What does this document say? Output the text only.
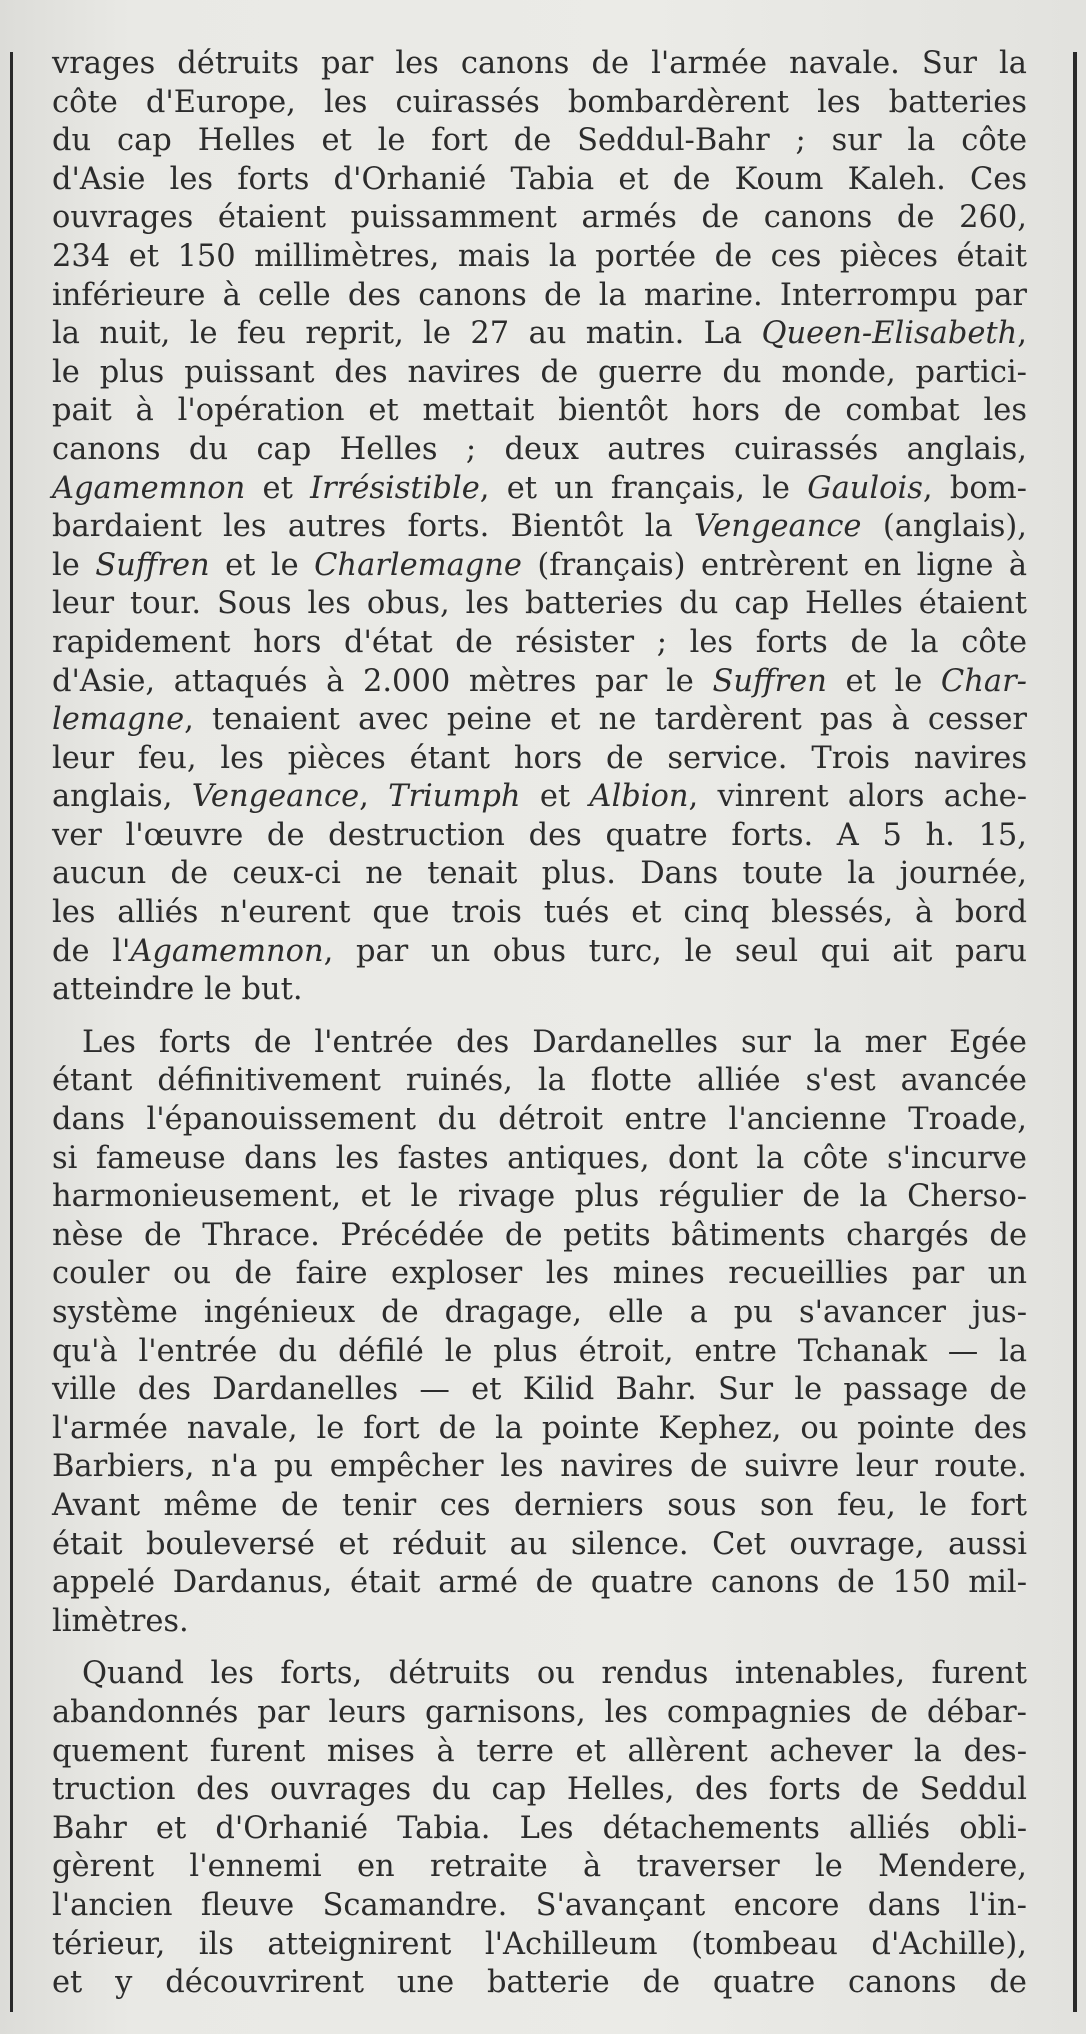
vrages détruits par les canons de l'armée navale. Sur la
côte d'Europe, les cuirassés bombardèrent les batteries
du cap Helles et le fort de Seddul-Bahr ; sur la côte
d'Asie les forts d'Orhanié Tabia et de Koum Kaleh. Ces
ouvrages étaient puissamment armés de canons de 260,
234 et 150 millimètres, mais la portée de ces pièces était
inférieure à celle des canons de la marine. Interrompu par
la nuit, le feu reprit, le 27 au matin. La Queen-Elisabeth,
le plus puissant des navires de guerre du monde, partici-
pait à l'opération et mettait bientôt hors de combat les
canons du cap Helles ; deux autres cuirassés anglais,
Agamemnon et Irrésistible, et un français, le Gaulois, bom-
bardaient les autres forts. Bientôt la Vengeance (anglais),
le Suffren et le Charlemagne (français) entrèrent en ligne à
leur tour. Sous les obus, les batteries du cap Helles étaient
rapidement hors d'état de résister ; les forts de la côte
d'Asie, attaqués à 2.000 mètres par le Suffren et le Char-
lemagne, tenaient avec peine et ne tardèrent pas à cesser
leur feu, les pièces étant hors de service. Trois navires
anglais, Vengeance, Triumph et Albion, vinrent alors ache-
ver l'œuvre de destruction des quatre forts. A 5 h. 15,
aucun de ceux-ci ne tenait plus. Dans toute la journée,
les alliés n'eurent que trois tués et cinq blessés, à bord
de l'Agamemnon, par un obus turc, le seul qui ait paru
atteindre le but.
Les forts de l'entrée des Dardanelles sur la mer Egée
étant définitivement ruinés, la flotte alliée s'est avancée
dans l'épanouissement du détroit entre l'ancienne Troade,
si fameuse dans les fastes antiques, dont la côte s'incurve
harmonieusement, et le rivage plus régulier de la Cherso-
nèse de Thrace. Précédée de petits bâtiments chargés de
couler ou de faire exploser les mines recueillies par un
système ingénieux de dragage, elle a pu s'avancer jus-
qu'à l'entrée du défilé le plus étroit, entre Tchanak — la
ville des Dardanelles — et Kilid Bahr. Sur le passage de
l'armée navale, le fort de la pointe Kephez, ou pointe des
Barbiers, n'a pu empêcher les navires de suivre leur route.
Avant même de tenir ces derniers sous son feu, le fort
était bouleversé et réduit au silence. Cet ouvrage, aussi
appelé Dardanus, était armé de quatre canons de 150 mil-
limètres.
Quand les forts, détruits ou rendus intenables, furent
abandonnés par leurs garnisons, les compagnies de débar-
quement furent mises à terre et allèrent achever la des-
truction des ouvrages du cap Helles, des forts de Seddul
Bahr et d'Orhanié Tabia. Les détachements alliés obli-
gèrent l'ennemi en retraite à traverser le Mendere,
l'ancien fleuve Scamandre. S'avançant encore dans l'in-
térieur, ils atteignirent l'Achilleum (tombeau d'Achille),
et y découvrirent une batterie de quatre canons de
